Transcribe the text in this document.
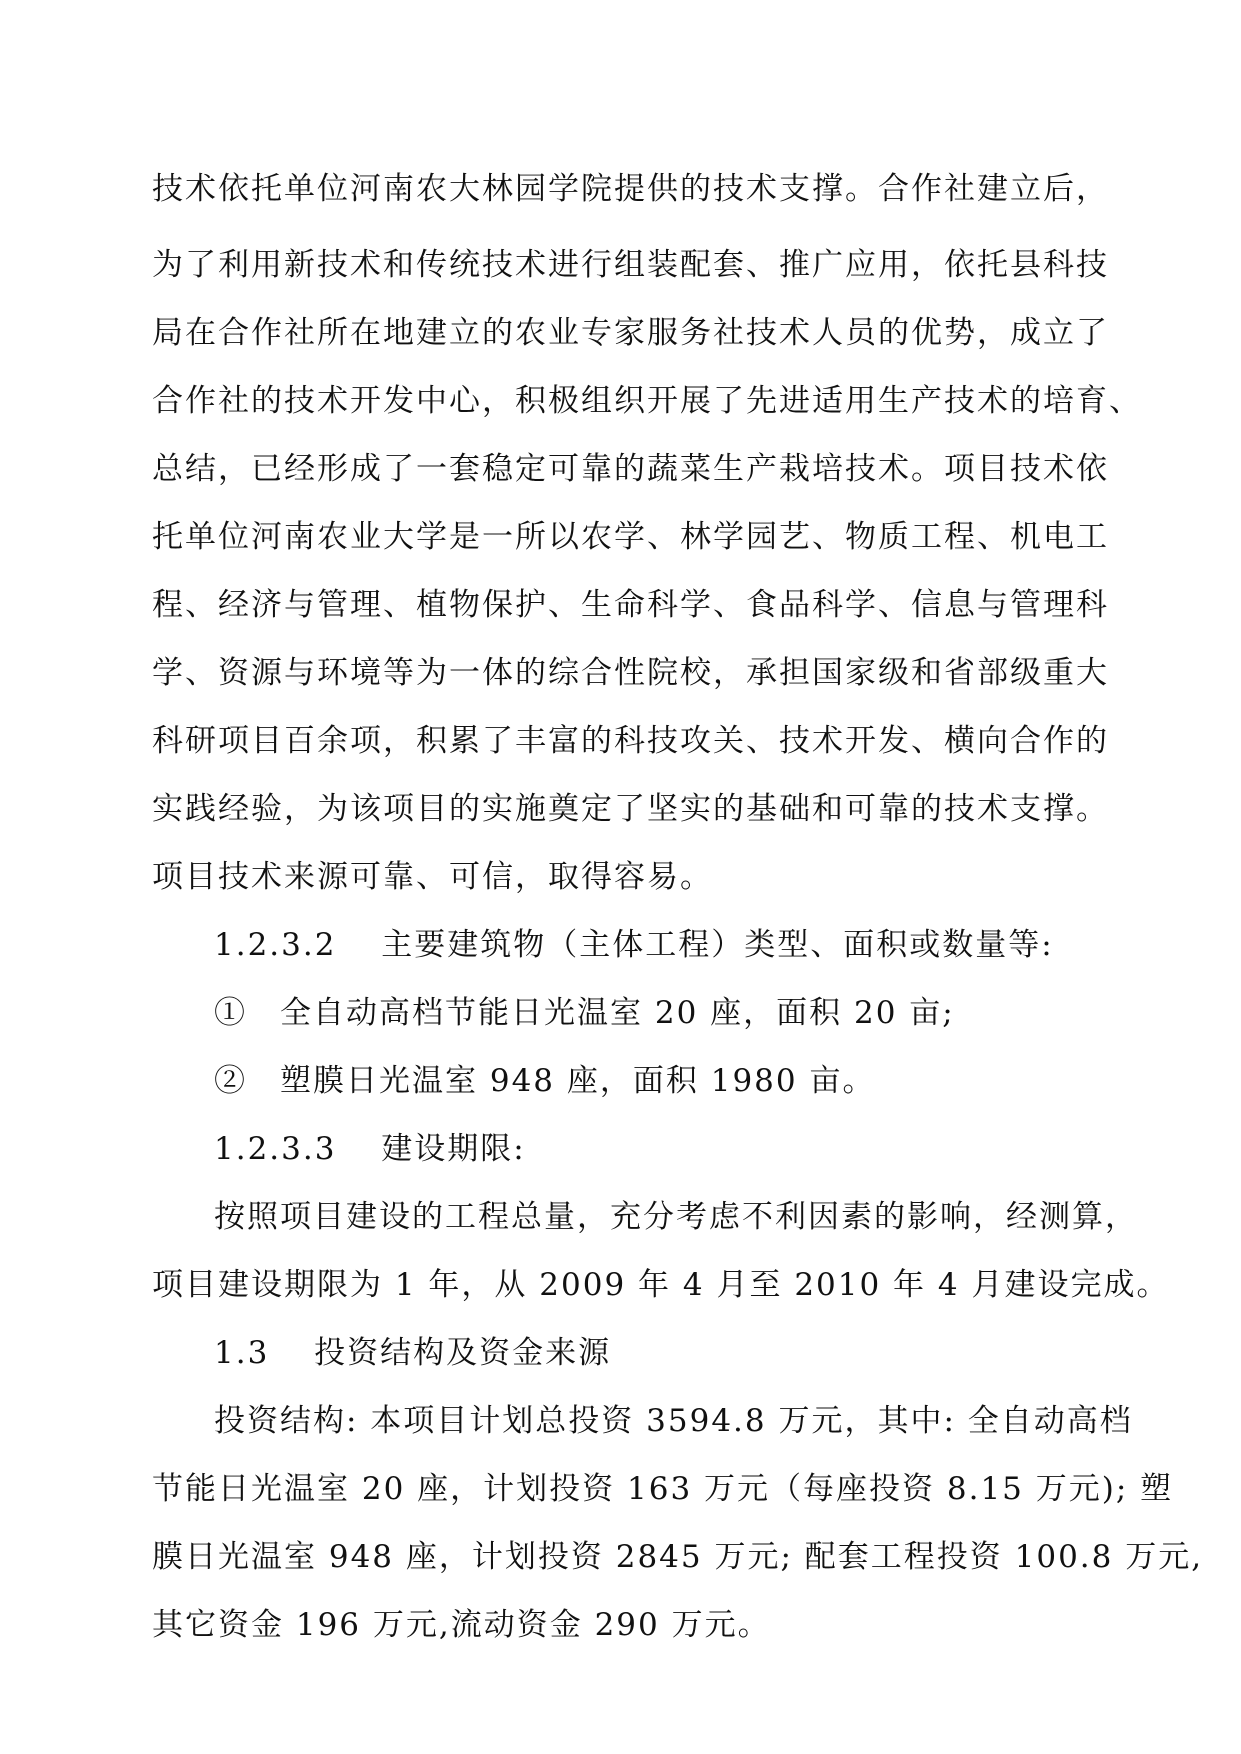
技术依托单位河南农大林园学院提供的技术支撑。合作社建立后，
为了利用新技术和传统技术进行组装配套、推广应用，依托县科技
局在合作社所在地建立的农业专家服务社技术人员的优势，成立了
合作社的技术开发中心，积极组织开展了先进适用生产技术的培育、
总结，已经形成了一套稳定可靠的蔬菜生产栽培技术。项目技术依
托单位河南农业大学是一所以农学、林学园艺、物质工程、机电工
程、经济与管理、植物保护、生命科学、食品科学、信息与管理科
学、资源与环境等为一体的综合性院校，承担国家级和省部级重大
科研项目百余项，积累了丰富的科技攻关、技术开发、横向合作的
实践经验，为该项目的实施奠定了坚实的基础和可靠的技术支撑。
项目技术来源可靠、可信，取得容易。
1.2.3.2　 主要建筑物（主体工程）类型、面积或数量等:
①　全自动高档节能日光温室 20 座，面积 20 亩;
②　塑膜日光温室 948 座，面积 1980 亩。
1.2.3.3　 建设期限:
按照项目建设的工程总量，充分考虑不利因素的影响，经测算，
项目建设期限为 1 年，从 2009 年 4 月至 2010 年 4 月建设完成。
1.3　 投资结构及资金来源
投资结构: 本项目计划总投资 3594.8 万元，其中: 全自动高档
节能日光温室 20 座，计划投资 163 万元（每座投资 8.15 万元); 塑
膜日光温室 948 座，计划投资 2845 万元; 配套工程投资 100.8 万元,
其它资金 196 万元,流动资金 290 万元。
